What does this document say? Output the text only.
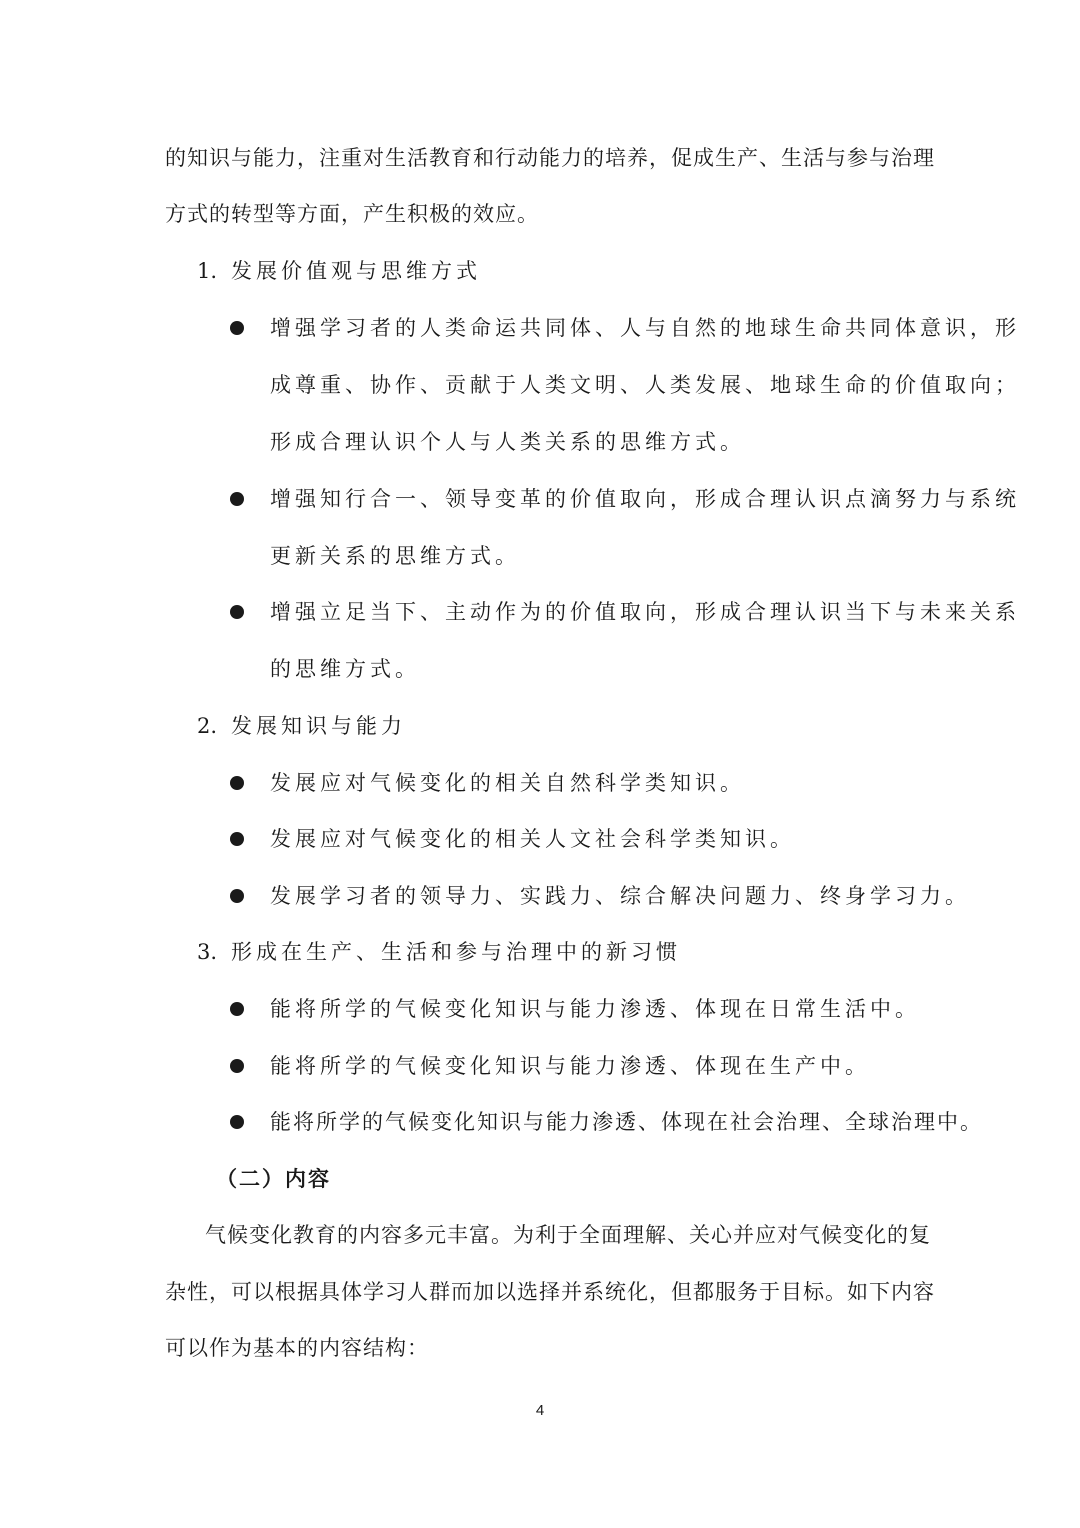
的知识与能力，注重对生活教育和行动能力的培养，促成生产、生活与参与治理
方式的转型等方面，产生积极的效应。
1. 发展价值观与思维方式
增强学习者的人类命运共同体、人与自然的地球生命共同体意识，形
成尊重、协作、贡献于人类文明、人类发展、地球生命的价值取向；
形成合理认识个人与人类关系的思维方式。
增强知行合一、领导变革的价值取向，形成合理认识点滴努力与系统
更新关系的思维方式。
增强立足当下、主动作为的价值取向，形成合理认识当下与未来关系
的思维方式。
2. 发展知识与能力
发展应对气候变化的相关自然科学类知识。
发展应对气候变化的相关人文社会科学类知识。
发展学习者的领导力、实践力、综合解决问题力、终身学习力。
3. 形成在生产、生活和参与治理中的新习惯
能将所学的气候变化知识与能力渗透、体现在日常生活中。
能将所学的气候变化知识与能力渗透、体现在生产中。
能将所学的气候变化知识与能力渗透、体现在社会治理、全球治理中。
（二）内容
气候变化教育的内容多元丰富。为利于全面理解、关心并应对气候变化的复
杂性，可以根据具体学习人群而加以选择并系统化，但都服务于目标。如下内容
可以作为基本的内容结构：
4
